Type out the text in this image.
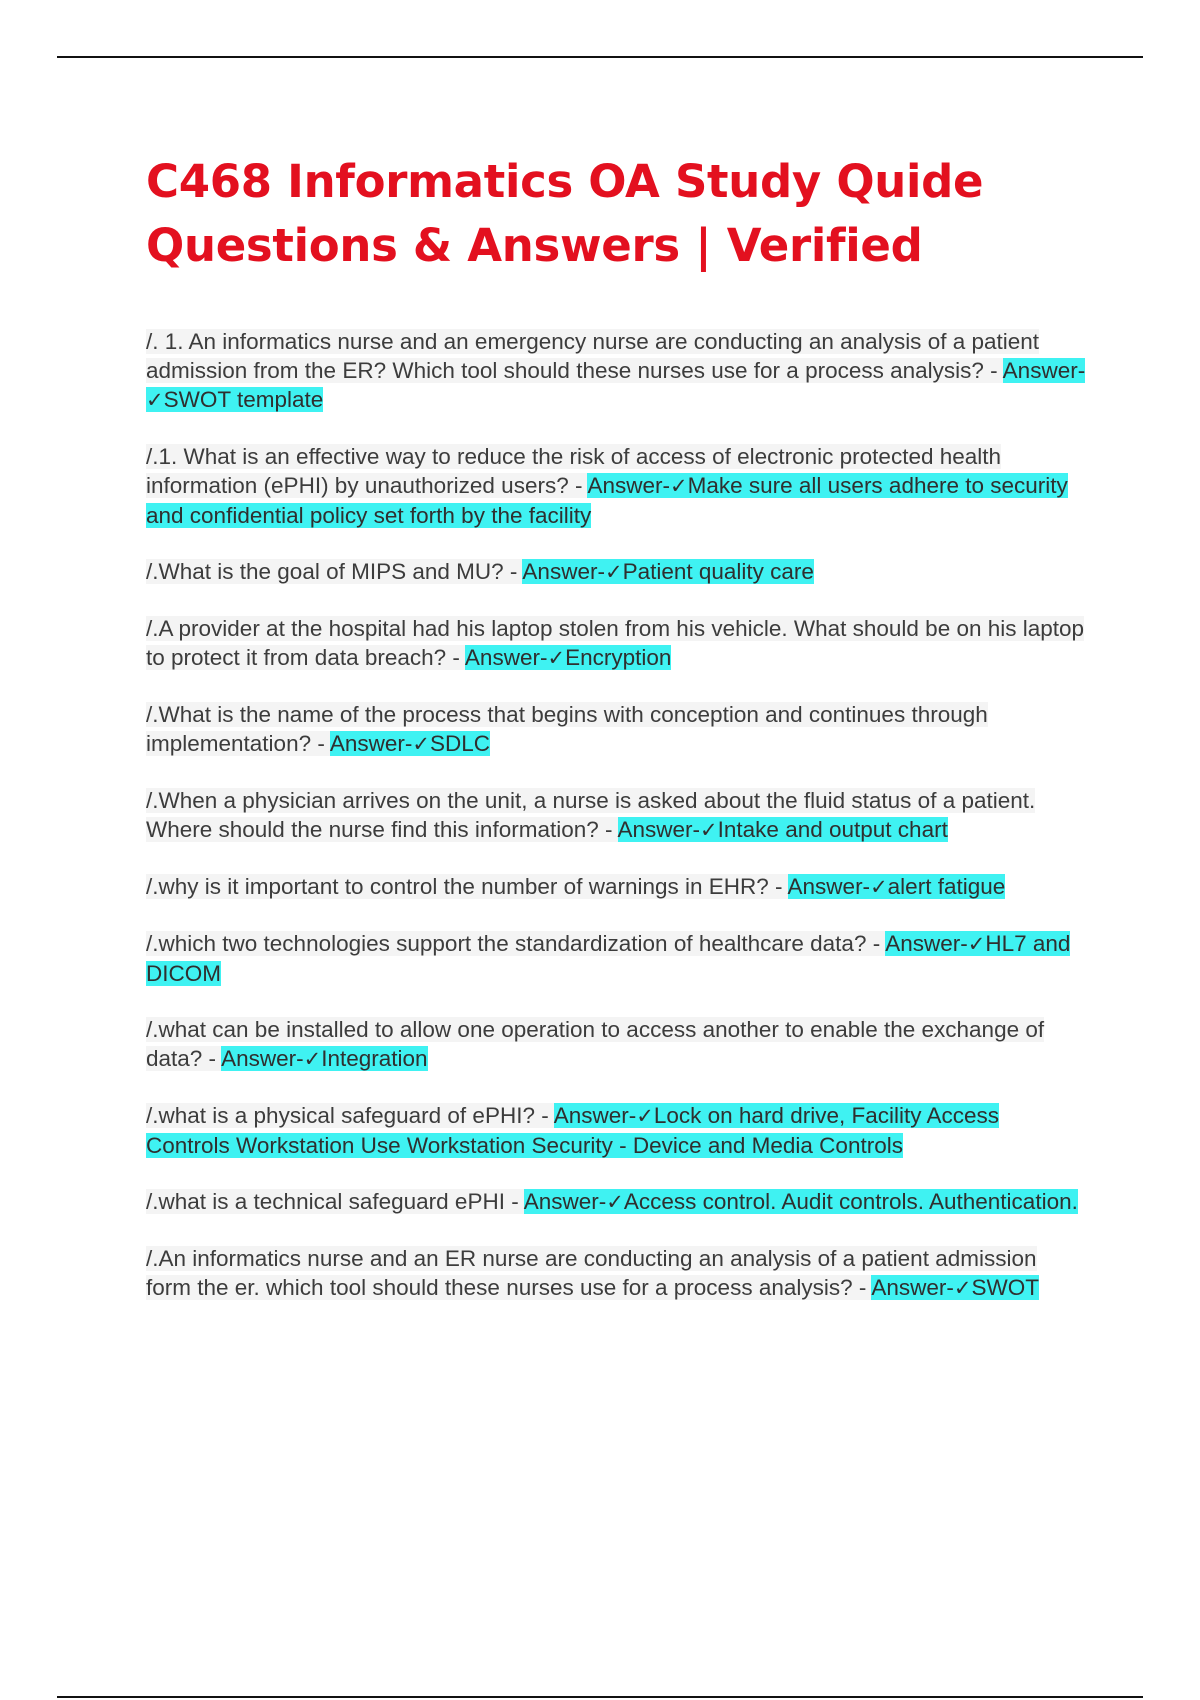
C468 Informatics OA Study Quide
Questions & Answers | Verified
/. 1. An informatics nurse and an emergency nurse are conducting an analysis of a patient admission from the ER? Which tool should these nurses use for a process analysis? - Answer-✓SWOT template
/.1. What is an effective way to reduce the risk of access of electronic protected health information (ePHI) by unauthorized users? - Answer-✓Make sure all users adhere to security and confidential policy set forth by the facility
/.What is the goal of MIPS and MU? - Answer-✓Patient quality care
/.A provider at the hospital had his laptop stolen from his vehicle. What should be on his laptop to protect it from data breach? - Answer-✓Encryption
/.What is the name of the process that begins with conception and continues through implementation? - Answer-✓SDLC
/.When a physician arrives on the unit, a nurse is asked about the fluid status of a patient. Where should the nurse find this information? - Answer-✓Intake and output chart
/.why is it important to control the number of warnings in EHR? - Answer-✓alert fatigue
/.which two technologies support the standardization of healthcare data? - Answer-✓HL7 and DICOM
/.what can be installed to allow one operation to access another to enable the exchange of data? - Answer-✓Integration
/.what is a physical safeguard of ePHI? - Answer-✓Lock on hard drive, Facility Access Controls Workstation Use Workstation Security - Device and Media Controls
/.what is a technical safeguard ePHI - Answer-✓Access control. Audit controls. Authentication.
/.An informatics nurse and an ER nurse are conducting an analysis of a patient admission form the er. which tool should these nurses use for a process analysis? - Answer-✓SWOT
